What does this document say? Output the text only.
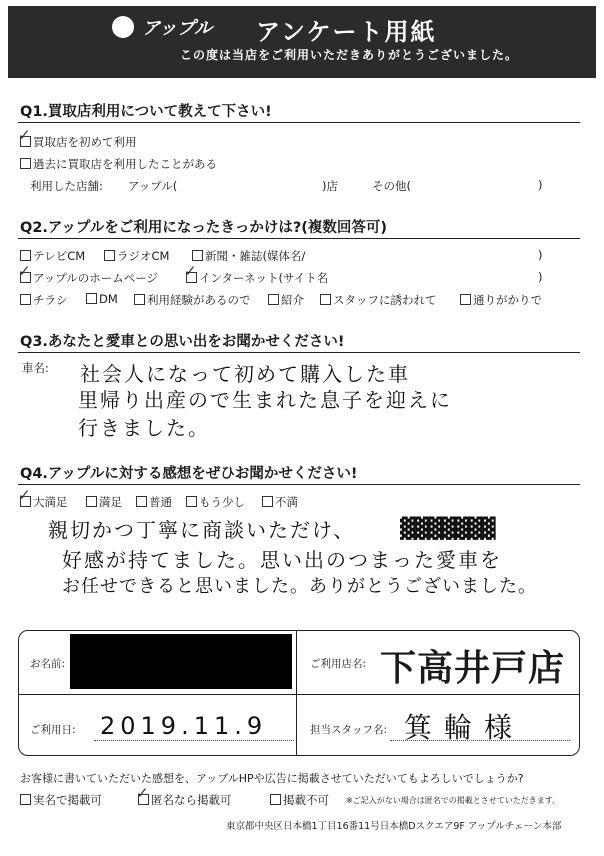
アップル アンケート用紙
この度は当店をご利用いただきありがとうございました。
Q1.買取店利用について教えて下さい!
買取店を初めて利用
✓
過去に買取店を利用したことがある
利用した店舗: アップル(	)店	その他(	)
Q2.アップルをご利用になったきっかけは?(複数回答可)
テレビCM	ラジオCM	新聞・雑誌(媒体名/	)
アップルのホームページ
✓	インターネット(サイト名
✓	)
チラシ	DM	利用経験があるので	紹介	スタッフに誘われて	通りがかりで
Q3.あなたと愛車との思い出をお聞かせください!
車名: 社会人になって初めて購入した車
里帰り出産ので生まれた息子を迎えに
行きました。
Q4.アップルに対する感想をぜひお聞かせください!
大満足
✓	満足	普通	もう少し	不満
親切かつ丁寧に商談いただけ、 ▓▓▓▓▓▓▓
好感が持てました。思い出のつまった愛車を
お任せできると思いました。ありがとうございました。
お名前:	ご利用店名: 下高井戸店
ご利用日: 2019.11.9	担当スタッフ名: 箕輪様
お客様に書いていただいた感想を、アップルHPや広告に掲載させていただいてもよろしいでしょうか?
実名で掲載可	匿名なら掲載可
✓	掲載不可 ※ご記入がない場合は匿名での掲載とさせていただきます。
東京都中央区日本橋1丁目16番11号日本橋Dスクエア9F アップルチェーン本部
